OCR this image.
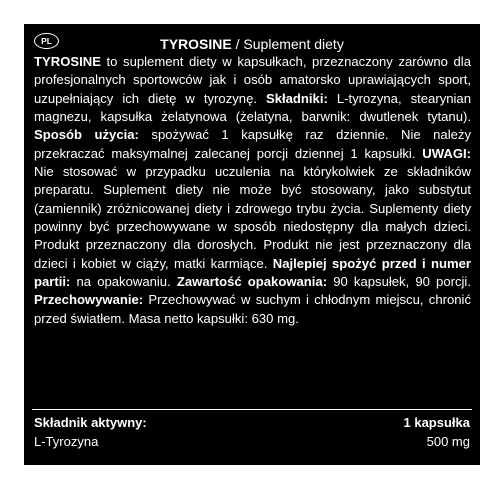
PL	TYROSINE / Suplement diety
TYROSINE to suplement diety w kapsułkach, przeznaczony zarówno dla profesjonalnych sportowców jak i osób amatorsko uprawiających sport, uzupełniający ich dietę w tyrozynę. Składniki: L-tyrozyna, stearynian magnezu, kapsułka żelatynowa (żelatyna, barwnik: dwutlenek tytanu). Sposób użycia: spożywać 1 kapsułkę raz dziennie. Nie należy przekraczać maksymalnej zalecanej porcji dziennej 1 kapsułki. UWAGI: Nie stosować w przypadku uczulenia na którykolwiek ze składników preparatu. Suplement diety nie może być stosowany, jako substytut (zamiennik) zróżnicowanej diety i zdrowego trybu życia. Suplementy diety powinny być przechowywane w sposób niedostępny dla małych dzieci. Produkt przeznaczony dla dorosłych. Produkt nie jest przeznaczony dla dzieci i kobiet w ciąży, matki karmiące. Najlepiej spożyć przed i numer partii: na opakowaniu. Zawartość opakowania: 90 kapsułek, 90 porcji. Przechowywanie: Przechowywać w suchym i chłodnym miejscu, chronić przed światłem. Masa netto kapsułki: 630 mg.
Składnik aktywny:	1 kapsułka
L-Tyrozyna	500 mg
